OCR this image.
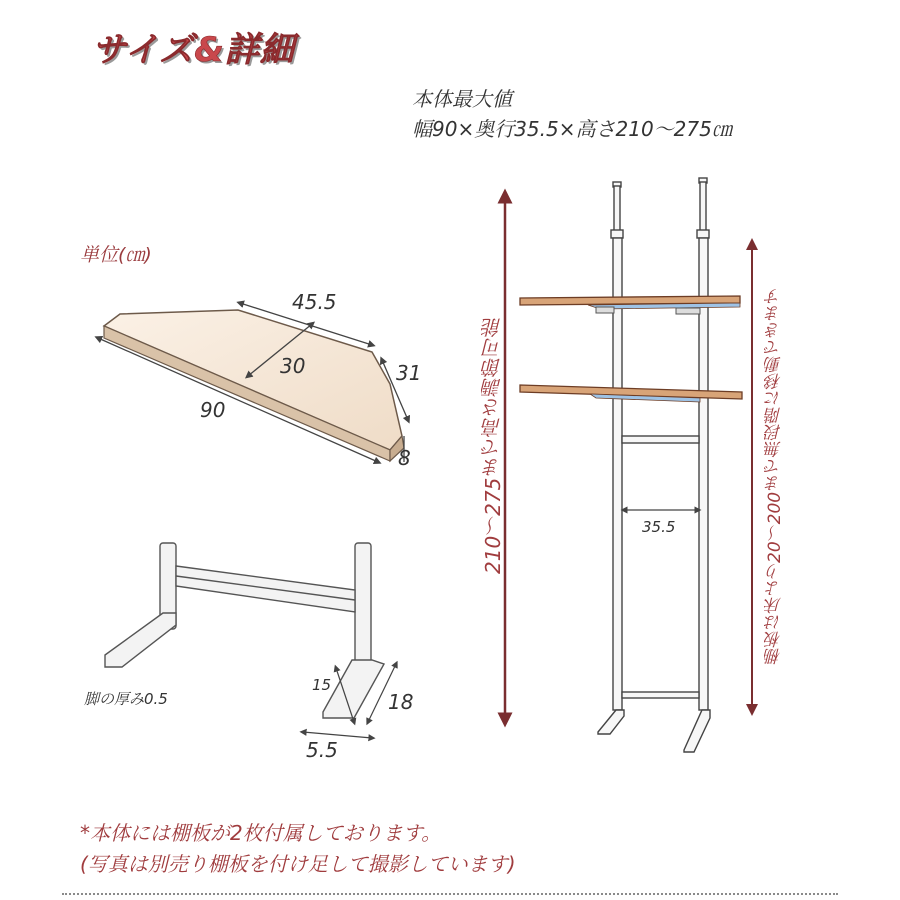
サイズ&詳細
本体最大値
幅90×奥行35.5×高さ210～275㎝
単位(㎝)
45.5
30	31
90
8
脚の厚み0.5
15
18
5.5
210～275まで高さ調節可能	棚板は床より20～200まで無段階に移動できます
35.5
*本体には棚板が2枚付属しております。
(写真は別売り棚板を付け足して撮影しています)
